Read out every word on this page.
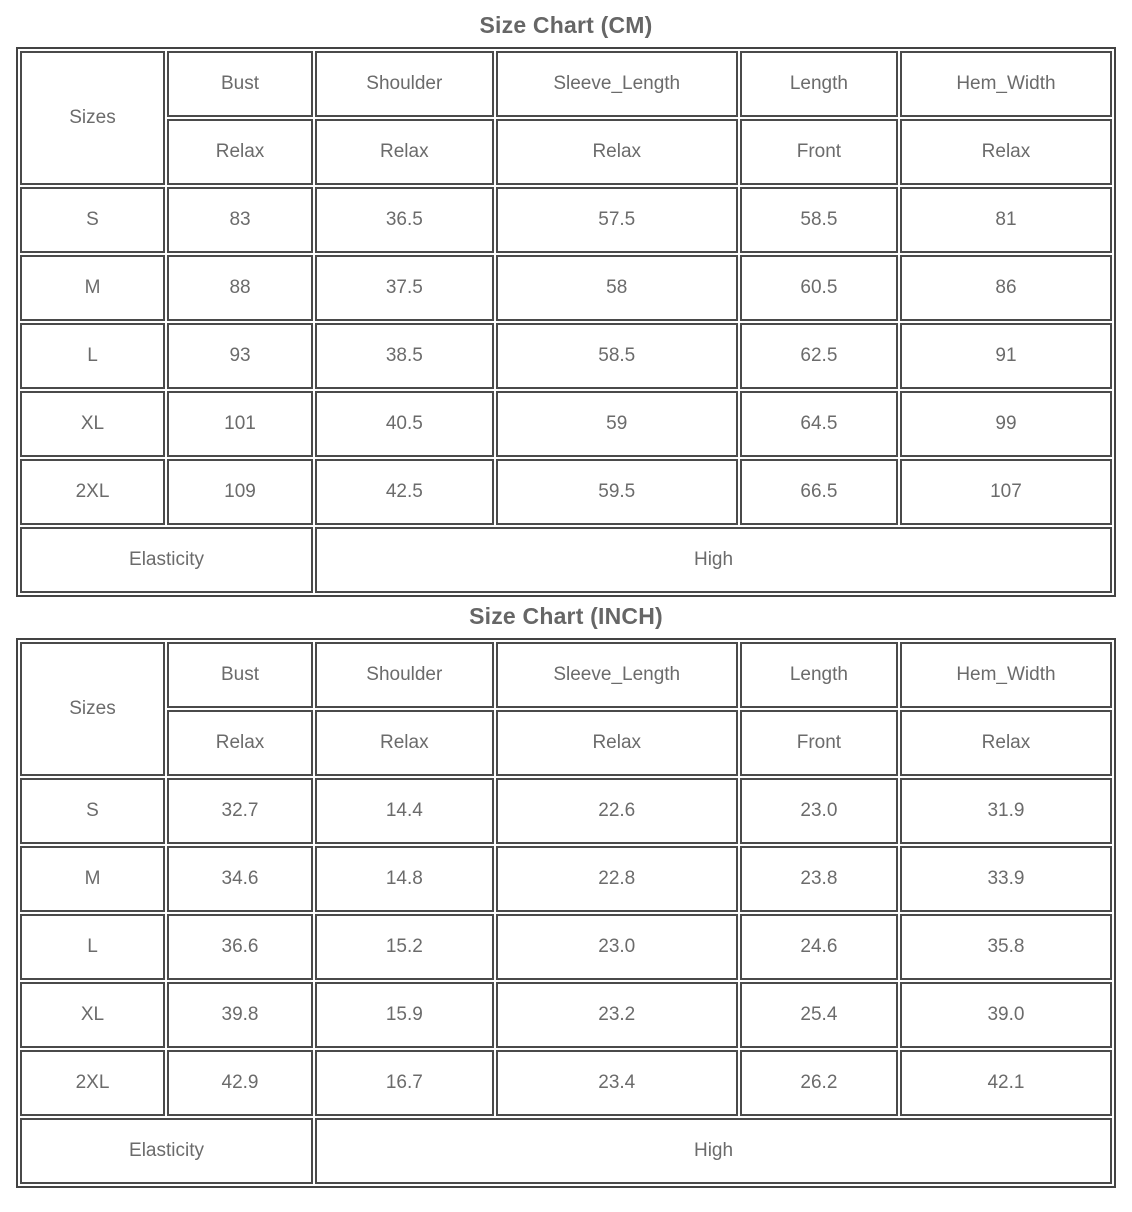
Size Chart (CM)
Sizes	Bust	Shoulder	Sleeve_Length	Length	Hem_Width
	Relax	Relax	Relax	Front	Relax
S	83	36.5	57.5	58.5	81
M	88	37.5	58	60.5	86
L	93	38.5	58.5	62.5	91
XL	101	40.5	59	64.5	99
2XL	109	42.5	59.5	66.5	107
Elasticity		High			
Size Chart (INCH)
Sizes	Bust	Shoulder	Sleeve_Length	Length	Hem_Width
	Relax	Relax	Relax	Front	Relax
S	32.7	14.4	22.6	23.0	31.9
M	34.6	14.8	22.8	23.8	33.9
L	36.6	15.2	23.0	24.6	35.8
XL	39.8	15.9	23.2	25.4	39.0
2XL	42.9	16.7	23.4	26.2	42.1
Elasticity		High			
